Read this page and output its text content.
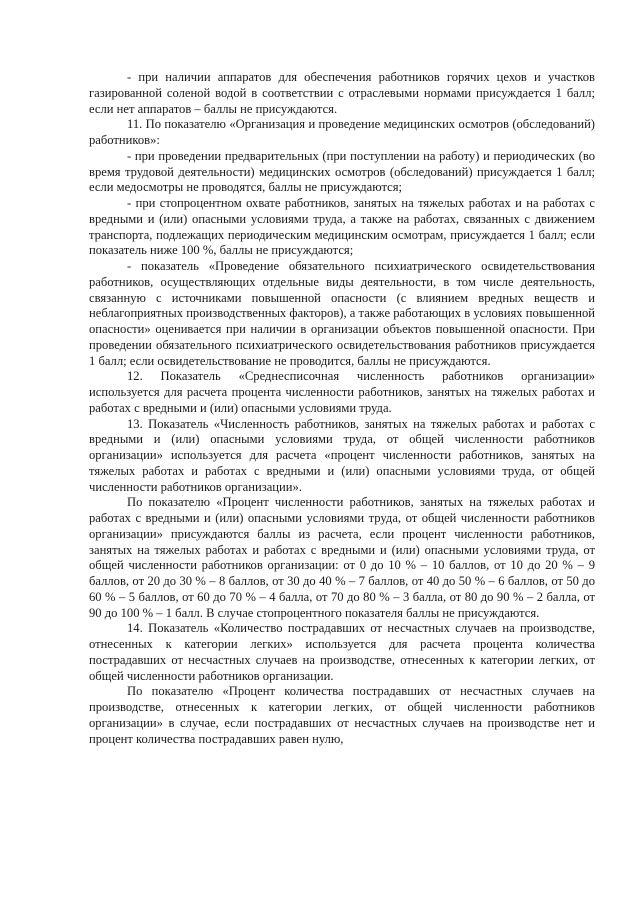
- при наличии аппаратов для обеспечения работников горячих цехов и участков газированной соленой водой в соответствии с отраслевыми нормами присуждается 1 балл; если нет аппаратов – баллы не присуждаются.

11. По показателю «Организация и проведение медицинских осмотров (обследований) работников»:

- при проведении предварительных (при поступлении на работу) и периодических (во время трудовой деятельности) медицинских осмотров (обследований) присуждается 1 балл; если медосмотры не проводятся, баллы не присуждаются;

- при стопроцентном охвате работников, занятых на тяжелых работах и на работах с вредными и (или) опасными условиями труда, а также на работах, связанных с движением транспорта, подлежащих периодическим медицинским осмотрам, присуждается 1 балл; если показатель ниже 100 %, баллы не присуждаются;

- показатель «Проведение обязательного психиатрического освидетельствования работников, осуществляющих отдельные виды деятельности, в том числе деятельность, связанную с источниками повышенной опасности (с влиянием вредных веществ и неблагоприятных производственных факторов), а также работающих в условиях повышенной опасности» оценивается при наличии в организации объектов повышенной опасности. При проведении обязательного психиатрического освидетельствования работников присуждается 1 балл; если освидетельствование не проводится, баллы не присуждаются.

12. Показатель «Среднесписочная численность работников организации» используется для расчета процента численности работников, занятых на тяжелых работах и работах с вредными и (или) опасными условиями труда.

13. Показатель «Численность работников, занятых на тяжелых работах и работах с вредными и (или) опасными условиями труда, от общей численности работников организации» используется для расчета «процент численности работников, занятых на тяжелых работах и работах с вредными и (или) опасными условиями труда, от общей численности работников организации».

По показателю «Процент численности работников, занятых на тяжелых работах и работах с вредными и (или) опасными условиями труда, от общей численности работников организации» присуждаются баллы из расчета, если процент численности работников, занятых на тяжелых работах и работах с вредными и (или) опасными условиями труда, от общей численности работников организации: от 0 до 10 % – 10 баллов, от 10 до 20 % – 9 баллов, от 20 до 30 % – 8 баллов, от 30 до 40 % – 7 баллов, от 40 до 50 % – 6 баллов, от 50 до 60 % – 5 баллов, от 60 до 70 % – 4 балла, от 70 до 80 % – 3 балла, от 80 до 90 % – 2 балла, от 90 до 100 % – 1 балл. В случае стопроцентного показателя баллы не присуждаются.

14. Показатель «Количество пострадавших от несчастных случаев на производстве, отнесенных к категории легких» используется для расчета процента количества пострадавших от несчастных случаев на производстве, отнесенных к категории легких, от общей численности работников организации.

По показателю «Процент количества пострадавших от несчастных случаев на производстве, отнесенных к категории легких, от общей численности работников организации» в случае, если пострадавших от несчастных случаев на производстве нет и процент количества пострадавших равен нулю,
